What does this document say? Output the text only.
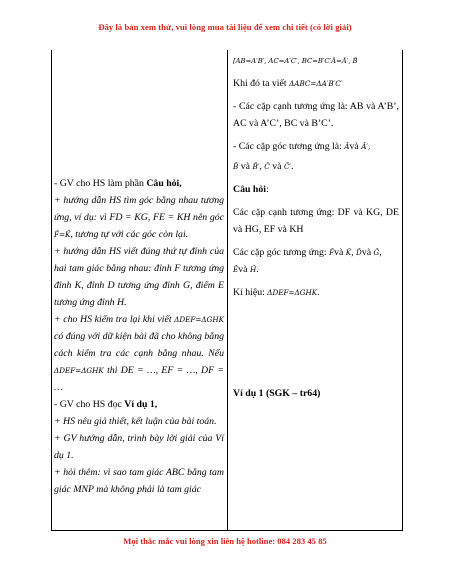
Đây là bản xem thử, vui lòng mua tài liệu để xem chi tiết (có lời giải)

- GV cho HS làm phần Câu hỏi,

+ hướng dẫn HS tìm góc bằng nhau tương ứng, ví dụ: vì FD = KG, FE = KH nên góc F̂=K̂, tương tự với các góc còn lại.

+ hướng dẫn HS viết đúng thứ tự đỉnh của hai tam giác bằng nhau: đỉnh F tương ứng đỉnh K, đỉnh D tương ứng đỉnh G, điểm E tương ứng đỉnh H.

+ cho HS kiểm tra lại khi viết ΔDEF=ΔGHK có đúng với dữ kiện bài đã cho không bằng cách kiểm tra các cạnh bằng nhau. Nếu ΔDEF=ΔGHK thì DE = …, EF = …, DF = …

- GV cho HS đọc Ví dụ 1,

+ HS nêu giả thiết, kết luận của bài toán.

+ GV hướng dẫn, trình bày lời giải của Ví dụ 1.

+ hỏi thêm: vì sao tam giác ABC bằng tam giác MNP mà không phải là tam giác

[AB=A′B′, AC=A′C′, BC=B′C′Â=Â′, B̂

Khi đó ta viết ΔABC=ΔA′B′C′

- Các cặp cạnh tương ứng là: AB và A’B’, AC và A’C’, BC và B’C’.

- Các cặp góc tương ứng là: Âvà Â′,

B̂ và B̂′, Ĉ và Ĉ′.

Câu hỏi:

Các cặp cạnh tương ứng: DF và KG, DE và HG, EF và KH

Các cặp góc tương ứng: F̂và K̂, D̂và Ĝ,

Êvà Ĥ.

Kí hiệu: ΔDEF=ΔGHK.

Ví dụ 1 (SGK – tr64)

Mọi thắc mắc vui lòng xin liên hệ hotline: 084 283 45 85
